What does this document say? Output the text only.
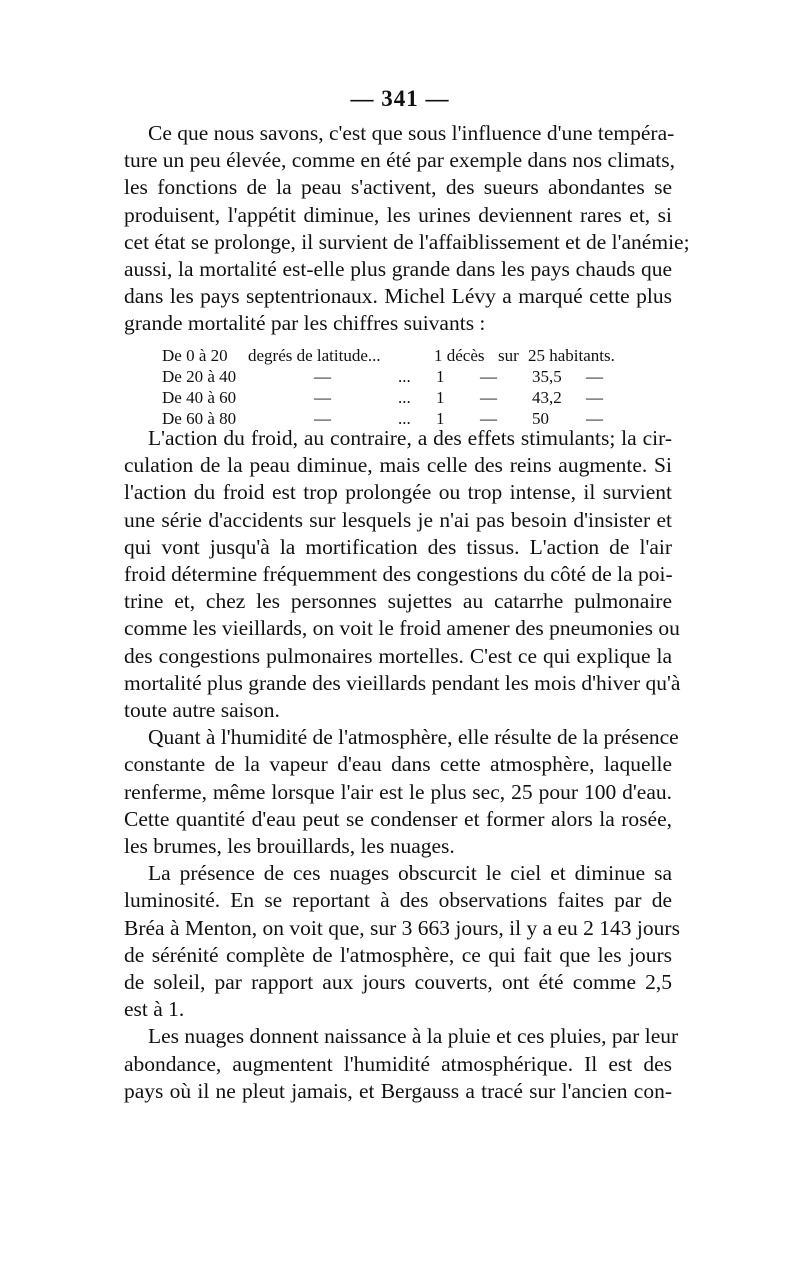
— 341 —

Ce que nous savons, c'est que sous l'influence d'une tempéra-
ture un peu élevée, comme en été par exemple dans nos climats,
les fonctions de la peau s'activent, des sueurs abondantes se
produisent, l'appétit diminue, les urines deviennent rares et, si
cet état se prolonge, il survient de l'affaiblissement et de l'anémie;
aussi, la mortalité est-elle plus grande dans les pays chauds que
dans les pays septentrionaux. Michel Lévy a marqué cette plus
grande mortalité par les chiffres suivants :

De 0 à 20 degrés de latitude...	1 décès sur 25 habitants.
De 20 à 40	—	... 1 — 35,5 —
De 40 à 60	—	... 1 — 43,2 —
De 60 à 80	—	... 1 — 50 —

L'action du froid, au contraire, a des effets stimulants; la cir-
culation de la peau diminue, mais celle des reins augmente. Si
l'action du froid est trop prolongée ou trop intense, il survient
une série d'accidents sur lesquels je n'ai pas besoin d'insister et
qui vont jusqu'à la mortification des tissus. L'action de l'air
froid détermine fréquemment des congestions du côté de la poi-
trine et, chez les personnes sujettes au catarrhe pulmonaire
comme les vieillards, on voit le froid amener des pneumonies ou
des congestions pulmonaires mortelles. C'est ce qui explique la
mortalité plus grande des vieillards pendant les mois d'hiver qu'à
toute autre saison.

Quant à l'humidité de l'atmosphère, elle résulte de la présence
constante de la vapeur d'eau dans cette atmosphère, laquelle
renferme, même lorsque l'air est le plus sec, 25 pour 100 d'eau.
Cette quantité d'eau peut se condenser et former alors la rosée,
les brumes, les brouillards, les nuages.

La présence de ces nuages obscurcit le ciel et diminue sa
luminosité. En se reportant à des observations faites par de
Bréa à Menton, on voit que, sur 3 663 jours, il y a eu 2 143 jours
de sérénité complète de l'atmosphère, ce qui fait que les jours
de soleil, par rapport aux jours couverts, ont été comme 2,5
est à 1.

Les nuages donnent naissance à la pluie et ces pluies, par leur
abondance, augmentent l'humidité atmosphérique. Il est des
pays où il ne pleut jamais, et Bergauss a tracé sur l'ancien con-
